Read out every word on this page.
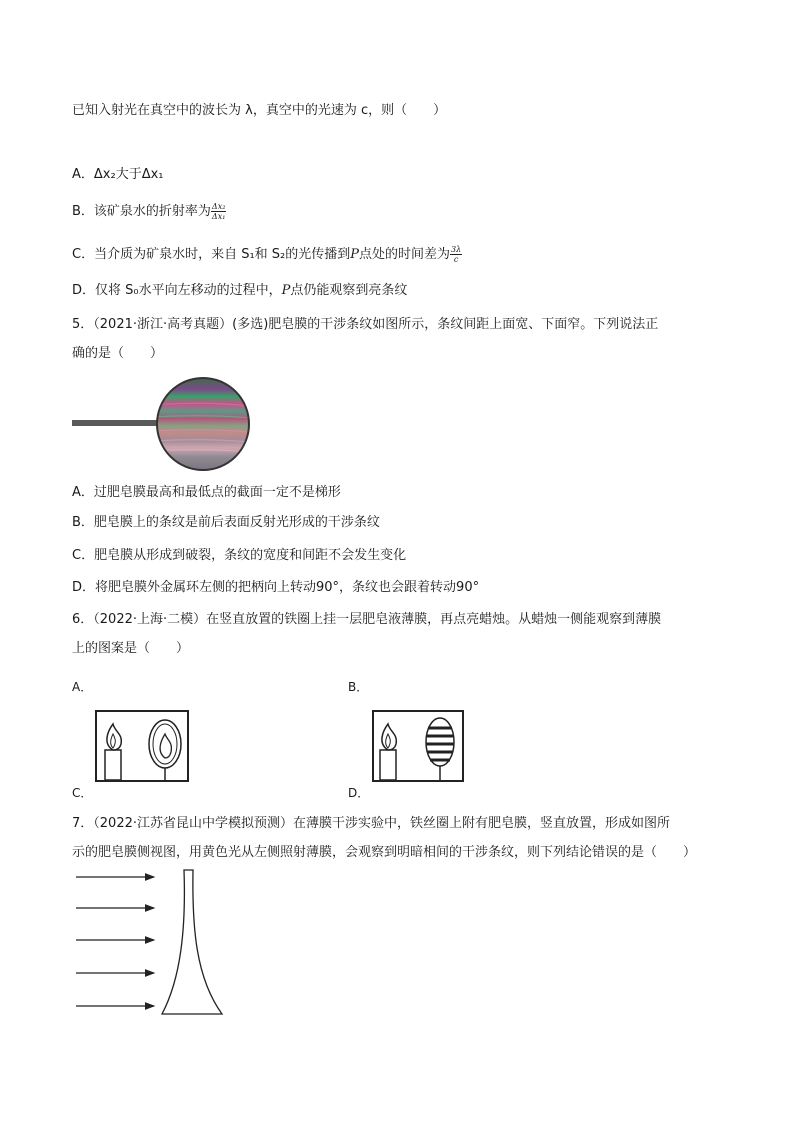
已知入射光在真空中的波长为 λ，真空中的光速为 c，则（　　）
A．Δx₂大于Δx₁
B．该矿泉水的折射率为 $\frac{\text{Δx₂}}{\text{Δx₁}}$
C．当介质为矿泉水时，来自 S₁和 S₂的光传播到P点处的时间差为 $\frac{3\lambda}{c}$
D．仅将 S₀水平向左移动的过程中，P点仍能观察到亮条纹
5．（2021·浙江·高考真题）(多选)肥皂膜的干涉条纹如图所示，条纹间距上面宽、下面窄。下列说法正
确的是（　　）
A．过肥皂膜最高和最低点的截面一定不是梯形
B．肥皂膜上的条纹是前后表面反射光形成的干涉条纹
C．肥皂膜从形成到破裂，条纹的宽度和间距不会发生变化
D．将肥皂膜外金属环左侧的把柄向上转动90°，条纹也会跟着转动90°
6．（2022·上海·二模）在竖直放置的铁圈上挂一层肥皂液薄膜，再点亮蜡烛。从蜡烛一侧能观察到薄膜
上的图案是（　　）
A．	B．
C．	D．
7．（2022·江苏省昆山中学模拟预测）在薄膜干涉实验中，铁丝圈上附有肥皂膜，竖直放置，形成如图所
示的肥皂膜侧视图，用黄色光从左侧照射薄膜，会观察到明暗相间的干涉条纹，则下列结论错误的是（　　）
